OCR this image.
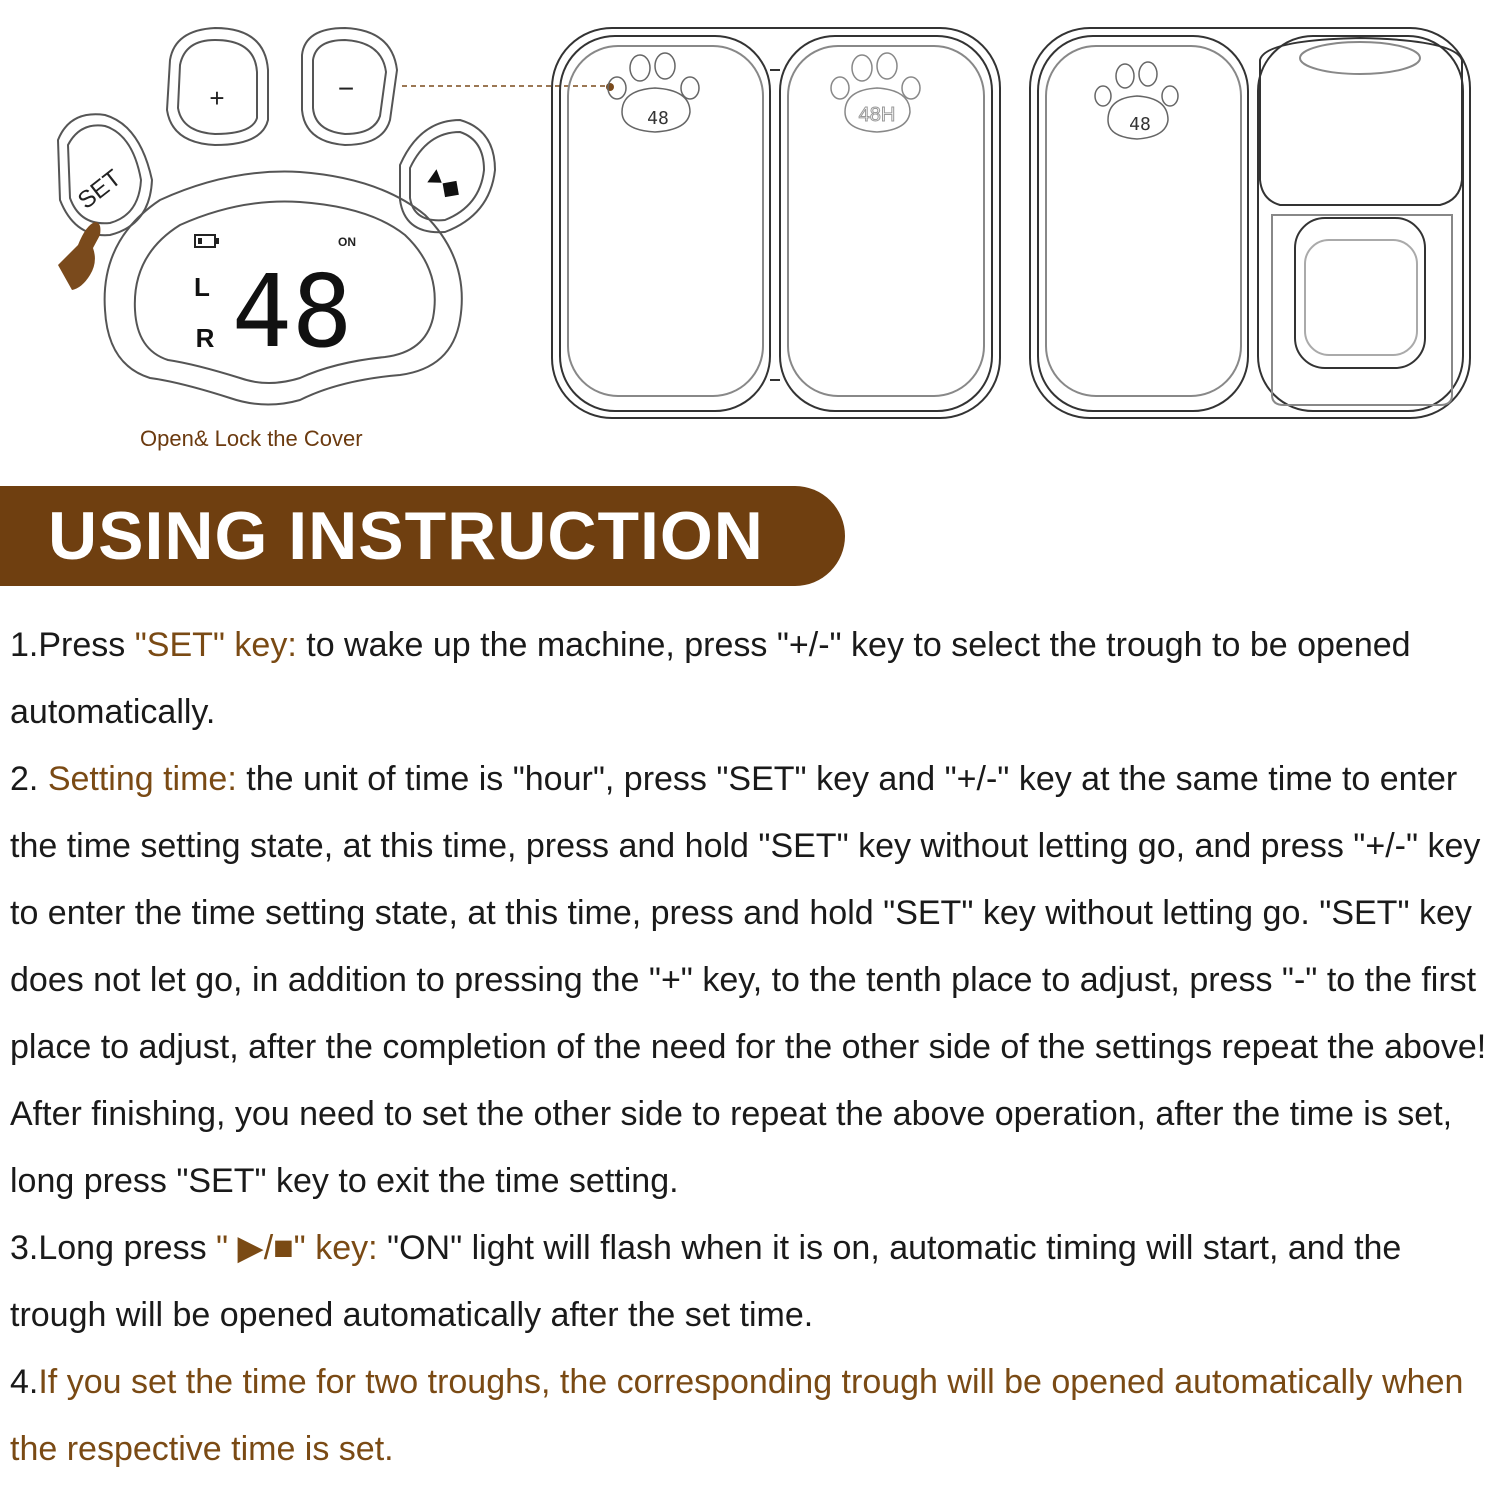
+	−
SET
ON
L
R 48
48H
48	48
Open& Lock the Cover
USING INSTRUCTION

1.Press "SET" key: to wake up the machine, press "+/-" key to select the trough to be opened automatically.

2. Setting time: the unit of time is "hour", press "SET" key and "+/-" key at the same time to enter the time setting state, at this time, press and hold "SET" key without letting go, and press "+/-" key to enter the time setting state, at this time, press and hold "SET" key without letting go. "SET" key does not let go, in addition to pressing the "+" key, to the tenth place to adjust, press "-" to the first place to adjust, after the completion of the need for the other side of the settings repeat the above! After finishing, you need to set the other side to repeat the above operation, after the time is set, long press "SET" key to exit the time setting.

3.Long press " ▶/■" key: "ON" light will flash when it is on, automatic timing will start, and the trough will be opened automatically after the set time.

4.If you set the time for two troughs, the corresponding trough will be opened automatically when the respective time is set.
